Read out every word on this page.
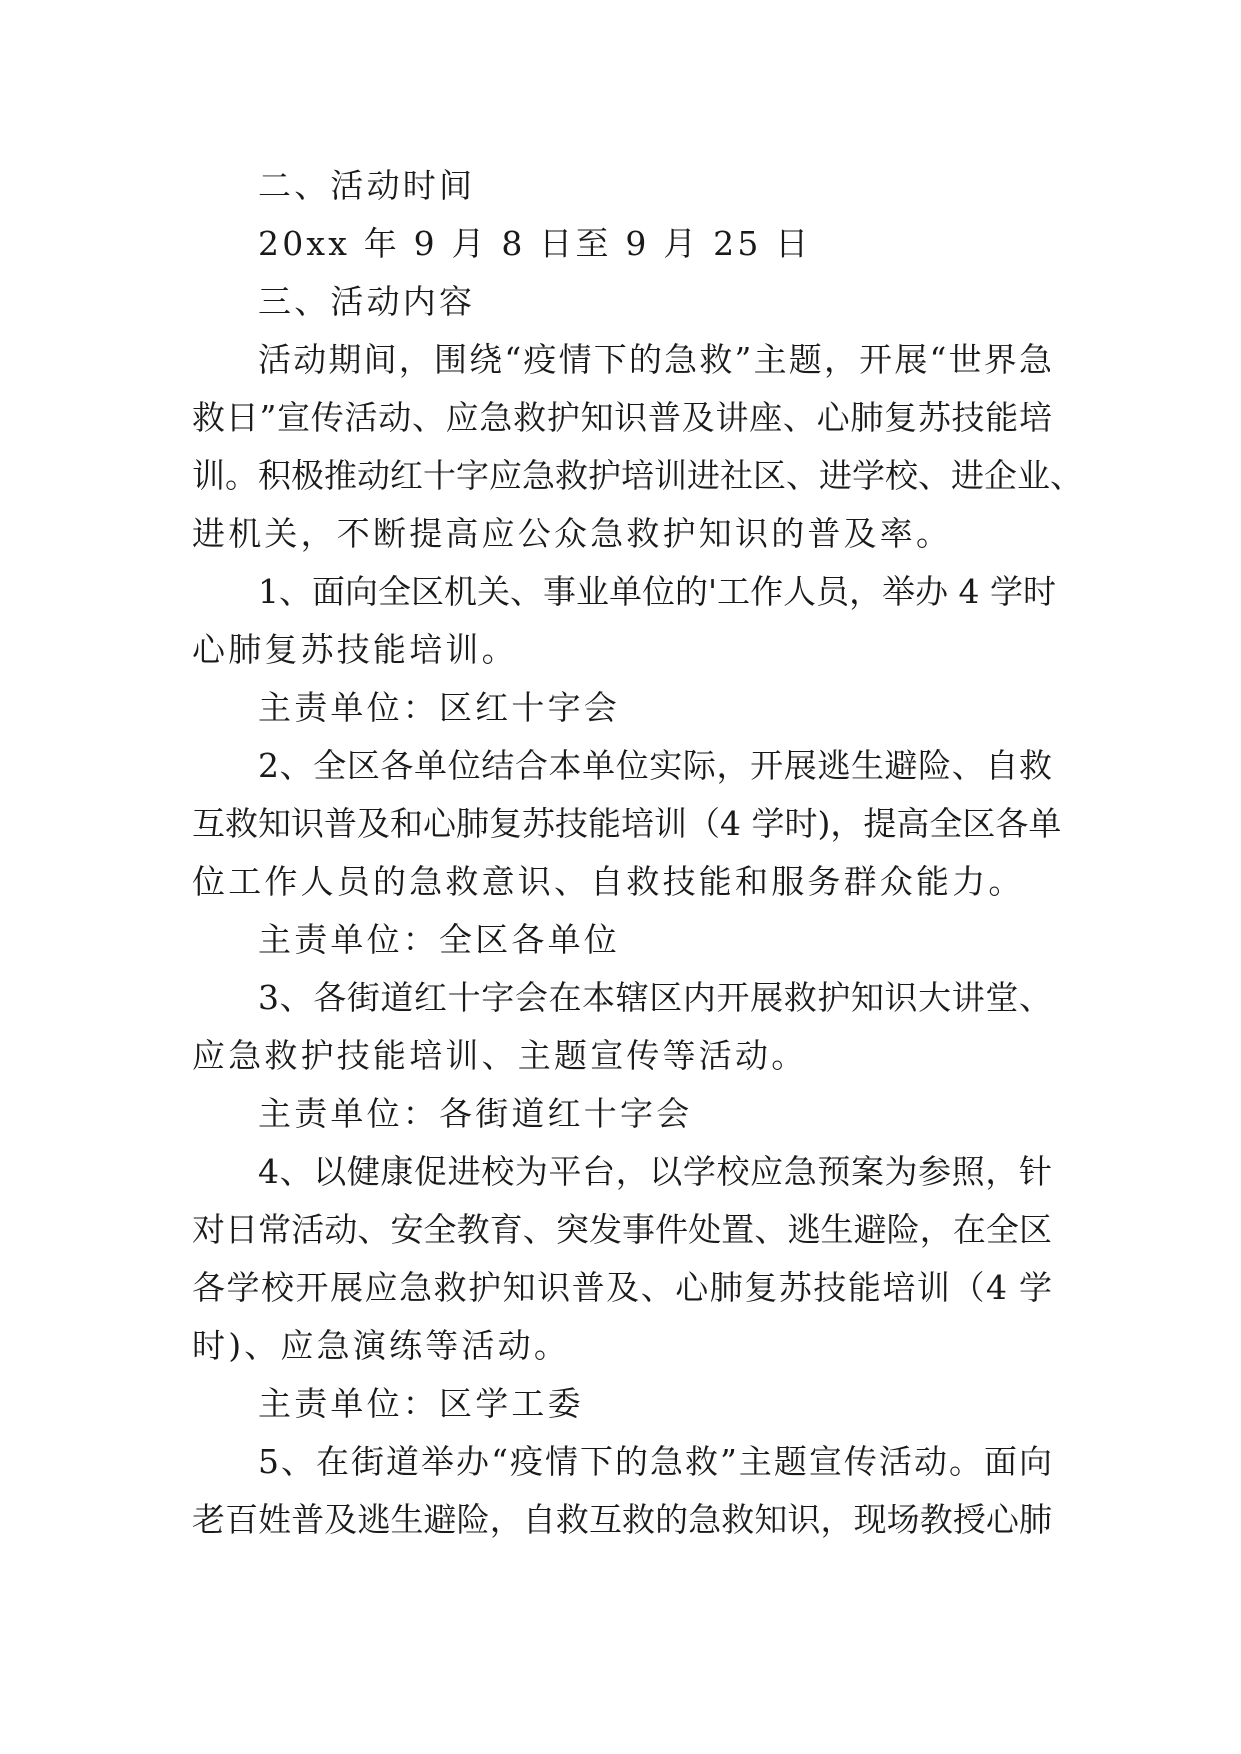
二、活动时间
20xx 年 9 月 8 日至 9 月 25 日
三、活动内容
活动期间，围绕“疫情下的急救”主题，开展“世界急
救日”宣传活动、应急救护知识普及讲座、心肺复苏技能培
训。积极推动红十字应急救护培训进社区、进学校、进企业、
进机关，不断提高应公众急救护知识的普及率。
1、面向全区机关、事业单位的'工作人员，举办 4 学时
心肺复苏技能培训。
主责单位：区红十字会
2、全区各单位结合本单位实际，开展逃生避险、自救
互救知识普及和心肺复苏技能培训（4 学时)，提高全区各单
位工作人员的急救意识、自救技能和服务群众能力。
主责单位：全区各单位
3、各街道红十字会在本辖区内开展救护知识大讲堂、
应急救护技能培训、主题宣传等活动。
主责单位：各街道红十字会
4、以健康促进校为平台，以学校应急预案为参照，针
对日常活动、安全教育、突发事件处置、逃生避险，在全区
各学校开展应急救护知识普及、心肺复苏技能培训（4 学
时)、应急演练等活动。
主责单位：区学工委
5、在街道举办“疫情下的急救”主题宣传活动。面向
老百姓普及逃生避险，自救互救的急救知识，现场教授心肺
